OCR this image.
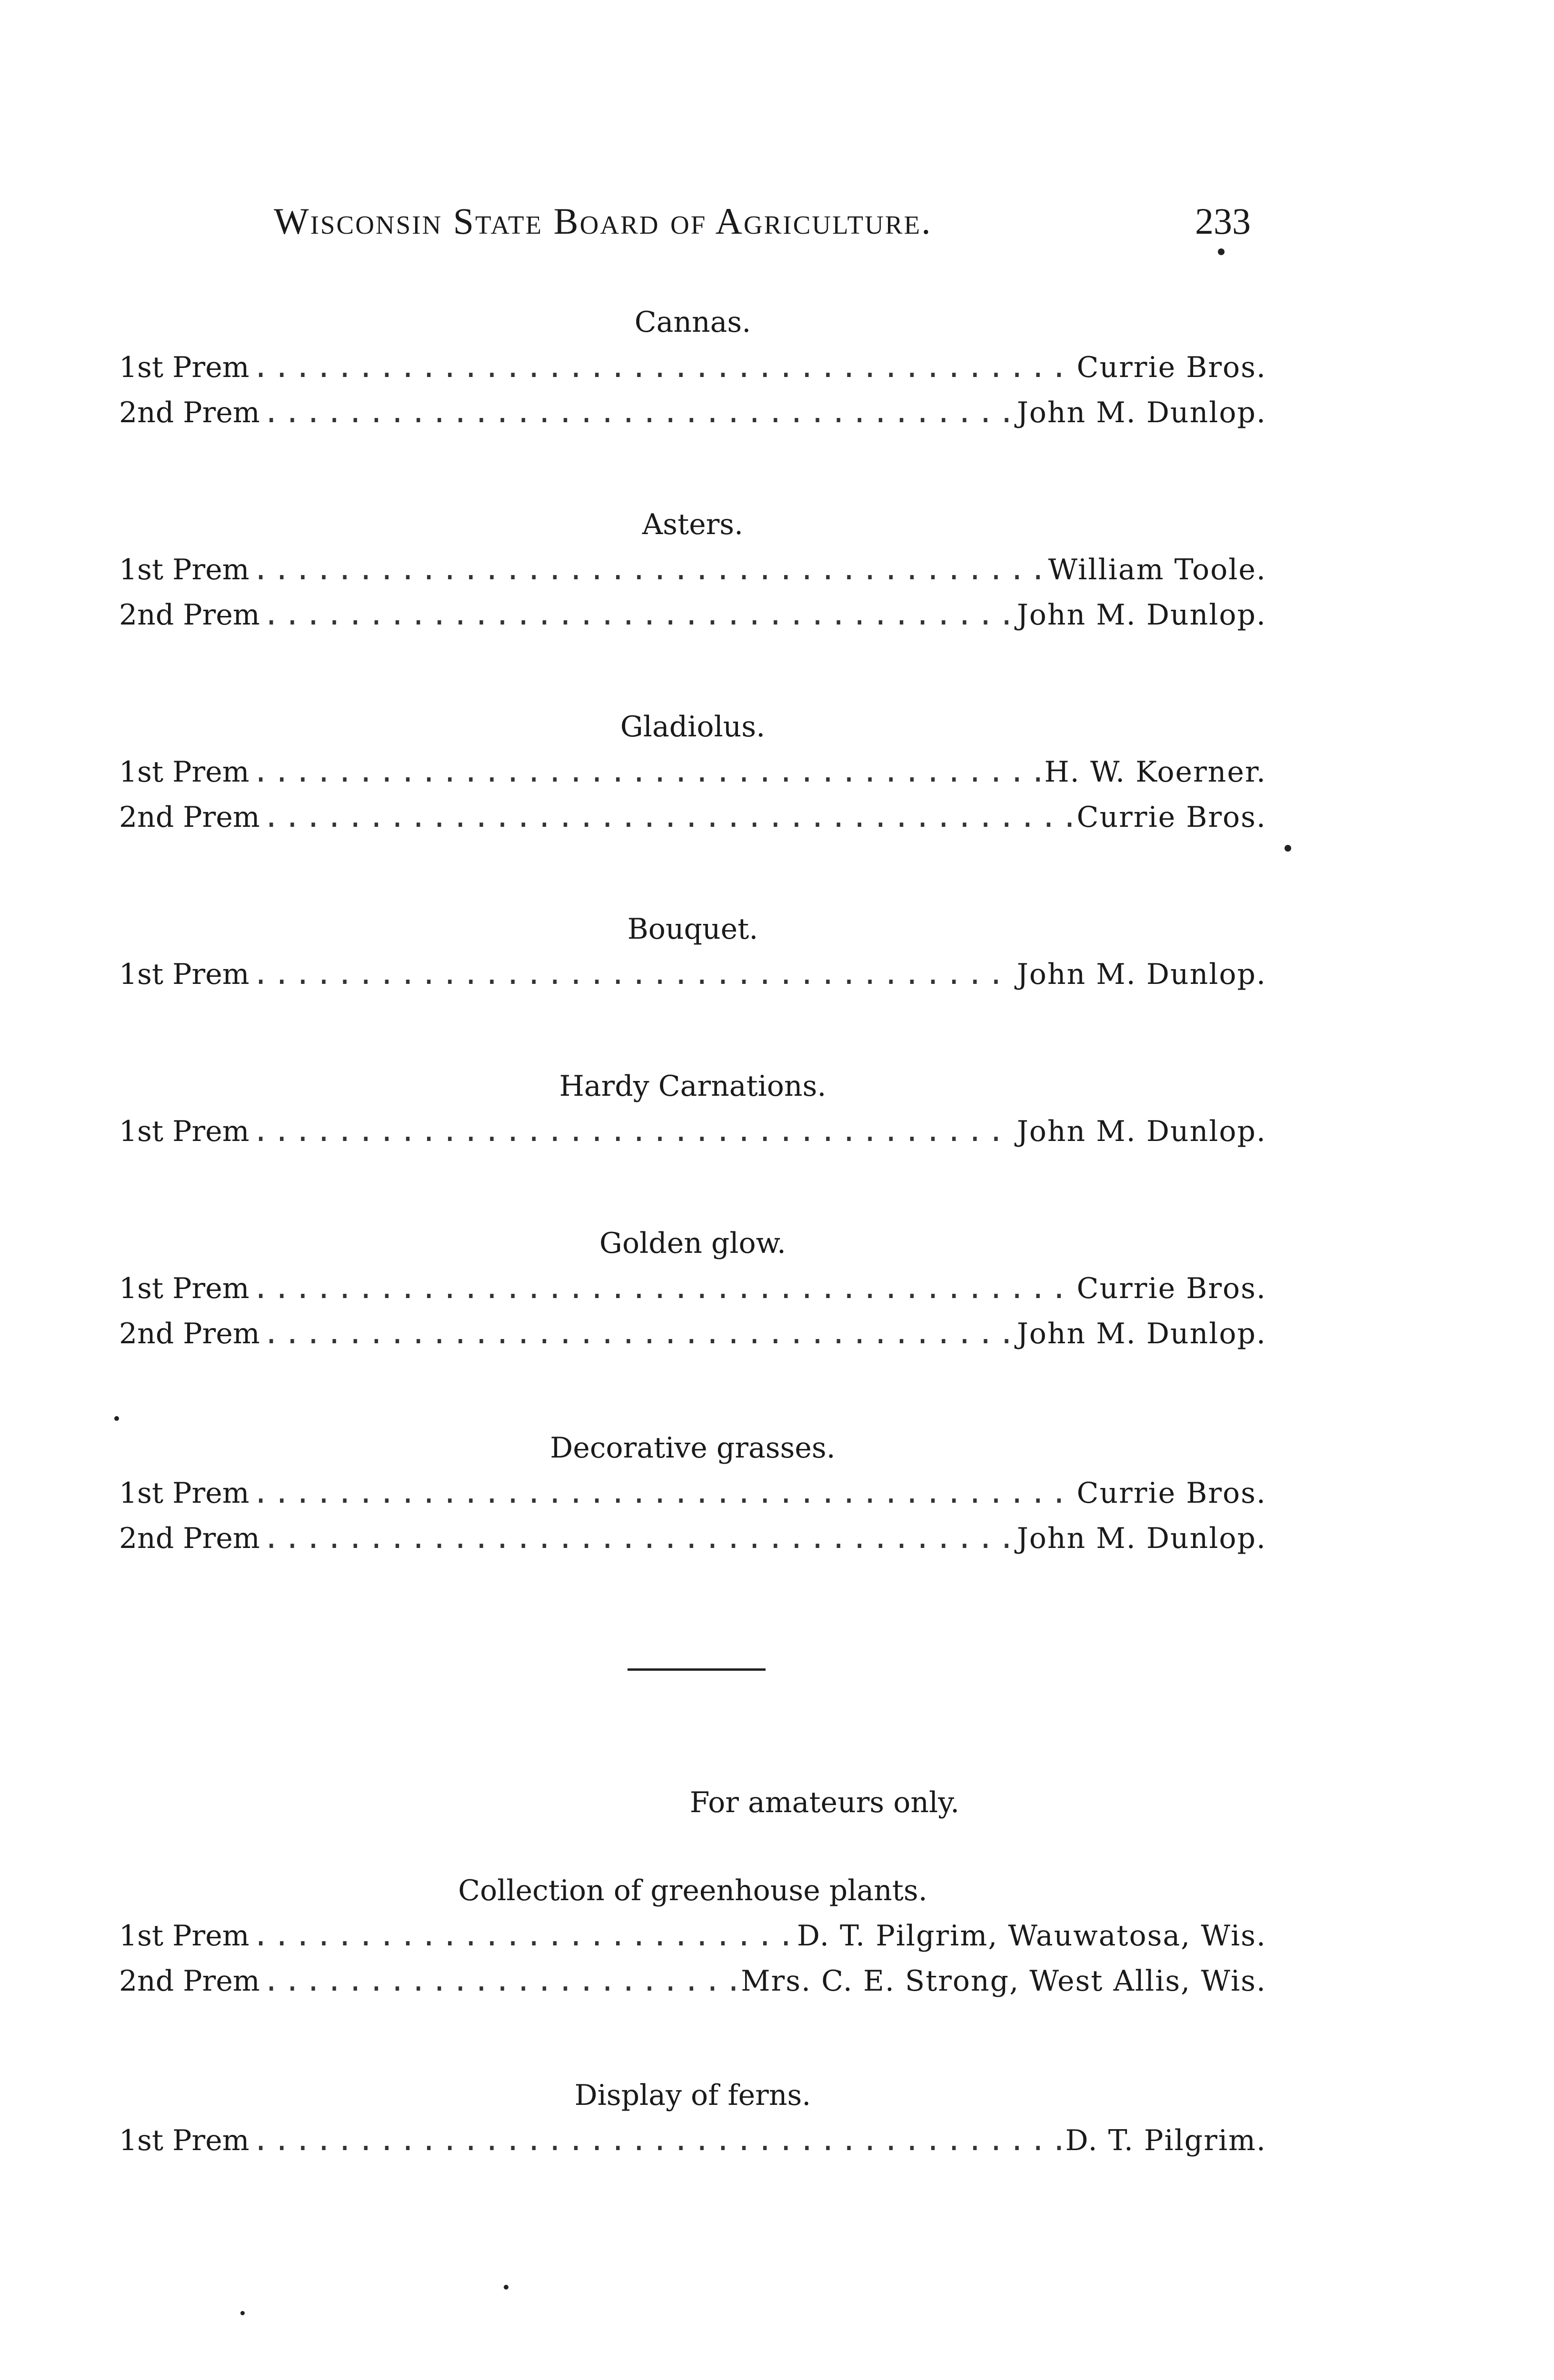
Wisconsin State Board of Agriculture.	233
Cannas.
1st Prem .....	Currie Bros.
2nd Prem .....	John M. Dunlop.
Asters.
1st Prem .....	William Toole.
2nd Prem .....	John M. Dunlop.
Gladiolus.
1st Prem .....	H. W. Koerner.
2nd Prem .....	Currie Bros.
Bouquet.
1st Prem .....	John M. Dunlop.
Hardy Carnations.
1st Prem .....	John M. Dunlop.
Golden glow.
1st Prem .....	Currie Bros.
2nd Prem .....	John M. Dunlop.
Decorative grasses.
1st Prem .....	Currie Bros.
2nd Prem .....	John M. Dunlop.
For amateurs only.
Collection of greenhouse plants.
1st Prem .....	D. T. Pilgrim, Wauwatosa, Wis.
2nd Prem .....	Mrs. C. E. Strong, West Allis, Wis.
Display of ferns.
1st Prem .....	D. T. Pilgrim.
